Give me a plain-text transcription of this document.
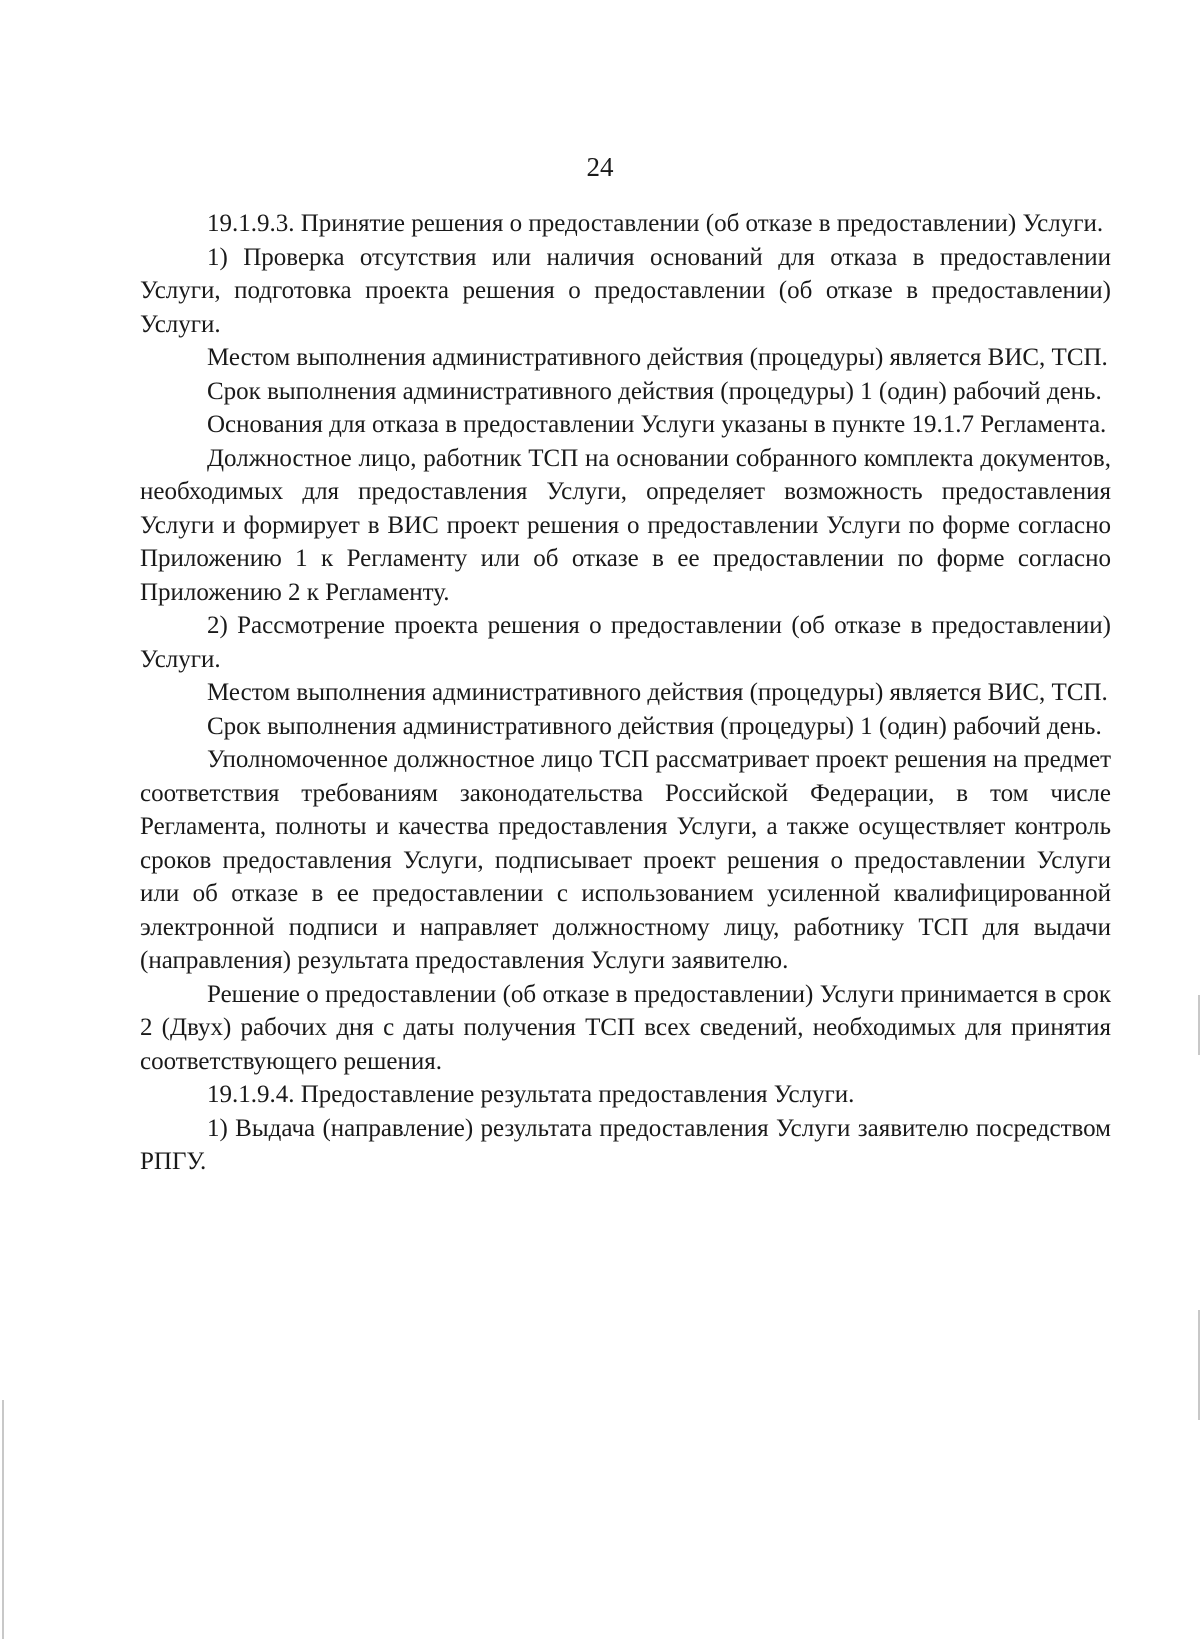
24

19.1.9.3. Принятие решения о предоставлении (об отказе в предоставлении) Услуги.

1) Проверка отсутствия или наличия оснований для отказа в предоставлении Услуги, подготовка проекта решения о предоставлении (об отказе в предоставлении) Услуги.

Местом выполнения административного действия (процедуры) является ВИС, ТСП.

Срок выполнения административного действия (процедуры) 1 (один) рабочий день.

Основания для отказа в предоставлении Услуги указаны в пункте 19.1.7 Регламента.

Должностное лицо, работник ТСП на основании собранного комплекта документов, необходимых для предоставления Услуги, определяет возможность предоставления Услуги и формирует в ВИС проект решения о предоставлении Услуги по форме согласно Приложению 1 к Регламенту или об отказе в ее предоставлении по форме согласно Приложению 2 к Регламенту.

2) Рассмотрение проекта решения о предоставлении (об отказе в предоставлении) Услуги.

Местом выполнения административного действия (процедуры) является ВИС, ТСП.

Срок выполнения административного действия (процедуры) 1 (один) рабочий день.

Уполномоченное должностное лицо ТСП рассматривает проект решения на предмет соответствия требованиям законодательства Российской Федерации, в том числе Регламента, полноты и качества предоставления Услуги, а также осуществляет контроль сроков предоставления Услуги, подписывает проект решения о предоставлении Услуги или об отказе в ее предоставлении с использованием усиленной квалифицированной электронной подписи и направляет должностному лицу, работнику ТСП для выдачи (направления) результата предоставления Услуги заявителю.

Решение о предоставлении (об отказе в предоставлении) Услуги принимается в срок 2 (Двух) рабочих дня с даты получения ТСП всех сведений, необходимых для принятия соответствующего решения.

19.1.9.4. Предоставление результата предоставления Услуги.

1) Выдача (направление) результата предоставления Услуги заявителю посредством РПГУ.
